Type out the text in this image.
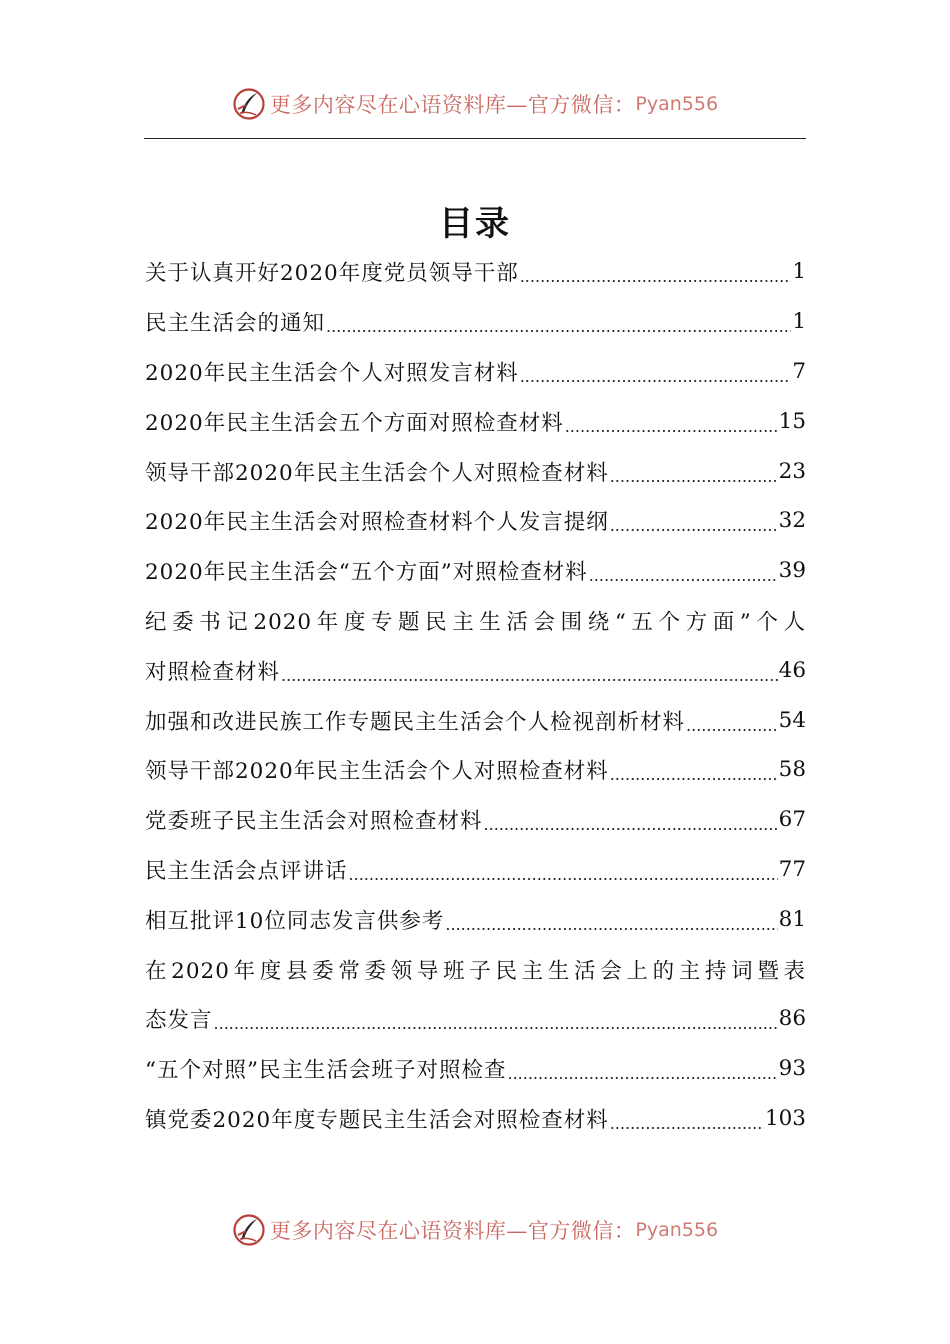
更多内容尽在心语资料库—官方微信： Pyan556
目录
关于认真开好2020年度党员领导干部 .....	1
民主生活会的通知 .....	1
2020年民主生活会个人对照发言材料 .....	7
2020年民主生活会五个方面对照检查材料 .....	15
领导干部2020年民主生活会个人对照检查材料 .....	23
2020年民主生活会对照检查材料个人发言提纲 .....	32
2020年民主生活会“五个方面”对照检查材料 .....	39
纪委书记2020年度专题民主生活会围绕“五个方面”个人
对照检查材料 .....	46
加强和改进民族工作专题民主生活会个人检视剖析材料 .....	54
领导干部2020年民主生活会个人对照检查材料 .....	58
党委班子民主生活会对照检查材料 .....	67
民主生活会点评讲话 .....	77
相互批评10位同志发言供参考 .....	81
在2020年度县委常委领导班子民主生活会上的主持词暨表
态发言 .....	86
“五个对照”民主生活会班子对照检查 .....	93
镇党委2020年度专题民主生活会对照检查材料 .....	103
更多内容尽在心语资料库—官方微信： Pyan556
